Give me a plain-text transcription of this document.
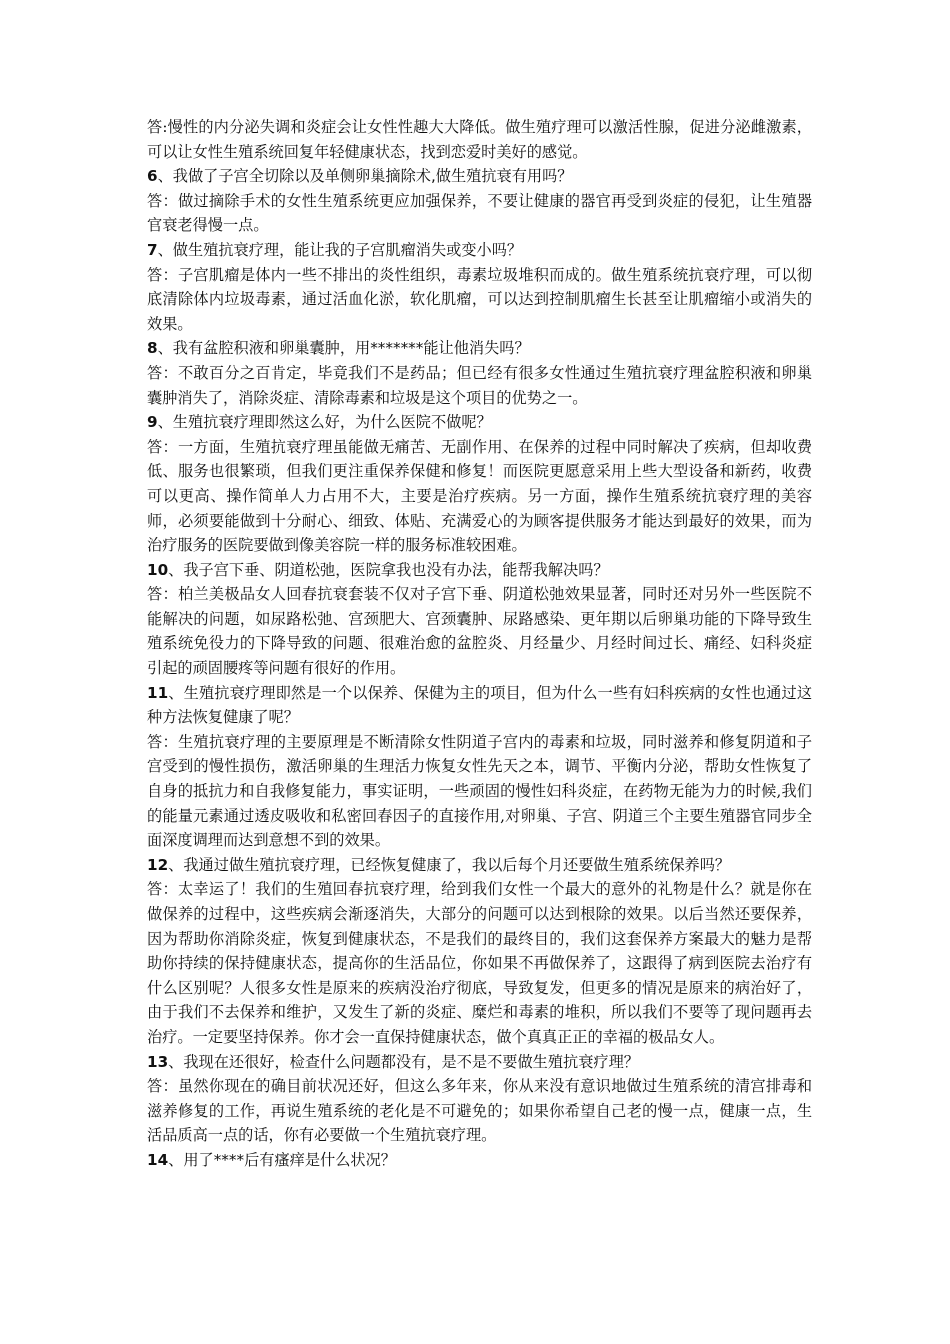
答:慢性的内分泌失调和炎症会让女性性趣大大降低。做生殖疗理可以激活性腺，促进分泌雌激素，可以让女性生殖系统回复年轻健康状态，找到恋爱时美好的感觉。

6、我做了子宫全切除以及单侧卵巢摘除术,做生殖抗衰有用吗？

答：做过摘除手术的女性生殖系统更应加强保养，不要让健康的器官再受到炎症的侵犯，让生殖器官衰老得慢一点。

7、做生殖抗衰疗理，能让我的子宫肌瘤消失或变小吗？

答：子宫肌瘤是体内一些不排出的炎性组织，毒素垃圾堆积而成的。做生殖系统抗衰疗理，可以彻底清除体内垃圾毒素，通过活血化淤，软化肌瘤，可以达到控制肌瘤生长甚至让肌瘤缩小或消失的效果。

8、我有盆腔积液和卵巢囊肿，用*******能让他消失吗？

答：不敢百分之百肯定，毕竟我们不是药品；但已经有很多女性通过生殖抗衰疗理盆腔积液和卵巢囊肿消失了，消除炎症、清除毒素和垃圾是这个项目的优势之一。

9、生殖抗衰疗理即然这么好，为什么医院不做呢？

答：一方面，生殖抗衰疗理虽能做无痛苦、无副作用、在保养的过程中同时解决了疾病，但却收费低、服务也很繁琐，但我们更注重保养保健和修复！而医院更愿意采用上些大型设备和新药，收费可以更高、操作简单人力占用不大，主要是治疗疾病。另一方面，操作生殖系统抗衰疗理的美容师，必须要能做到十分耐心、细致、体贴、充满爱心的为顾客提供服务才能达到最好的效果，而为治疗服务的医院要做到像美容院一样的服务标准较困难。

10、我子宫下垂、阴道松弛，医院拿我也没有办法，能帮我解决吗？

答：柏兰美极品女人回春抗衰套装不仅对子宫下垂、阴道松弛效果显著，同时还对另外一些医院不能解决的问题，如尿路松弛、宫颈肥大、宫颈囊肿、尿路感染、更年期以后卵巢功能的下降导致生殖系统免役力的下降导致的问题、很难治愈的盆腔炎、月经量少、月经时间过长、痛经、妇科炎症引起的顽固腰疼等问题有很好的作用。

11、生殖抗衰疗理即然是一个以保养、保健为主的项目，但为什么一些有妇科疾病的女性也通过这种方法恢复健康了呢？

答：生殖抗衰疗理的主要原理是不断清除女性阴道子宫内的毒素和垃圾，同时滋养和修复阴道和子宫受到的慢性损伤，激活卵巢的生理活力恢复女性先天之本，调节、平衡内分泌，帮助女性恢复了自身的抵抗力和自我修复能力，事实证明，一些顽固的慢性妇科炎症，在药物无能为力的时候,我们的能量元素通过透皮吸收和私密回春因子的直接作用,对卵巢、子宫、阴道三个主要生殖器官同步全面深度调理而达到意想不到的效果。

12、我通过做生殖抗衰疗理，已经恢复健康了，我以后每个月还要做生殖系统保养吗？

答：太幸运了！我们的生殖回春抗衰疗理，给到我们女性一个最大的意外的礼物是什么？就是你在做保养的过程中，这些疾病会渐逐消失，大部分的问题可以达到根除的效果。以后当然还要保养，因为帮助你消除炎症，恢复到健康状态，不是我们的最终目的，我们这套保养方案最大的魅力是帮助你持续的保持健康状态，提高你的生活品位，你如果不再做保养了，这跟得了病到医院去治疗有什么区别呢？人很多女性是原来的疾病没治疗彻底，导致复发，但更多的情况是原来的病治好了，由于我们不去保养和维护，又发生了新的炎症、糜烂和毒素的堆积，所以我们不要等了现问题再去治疗。一定要坚持保养。你才会一直保持健康状态，做个真真正正的幸福的极品女人。

13、我现在还很好，检查什么问题都没有，是不是不要做生殖抗衰疗理？

答：虽然你现在的确目前状况还好，但这么多年来，你从来没有意识地做过生殖系统的清宫排毒和滋养修复的工作，再说生殖系统的老化是不可避免的；如果你希望自己老的慢一点，健康一点，生活品质高一点的话，你有必要做一个生殖抗衰疗理。

14、用了****后有瘙痒是什么状况？
